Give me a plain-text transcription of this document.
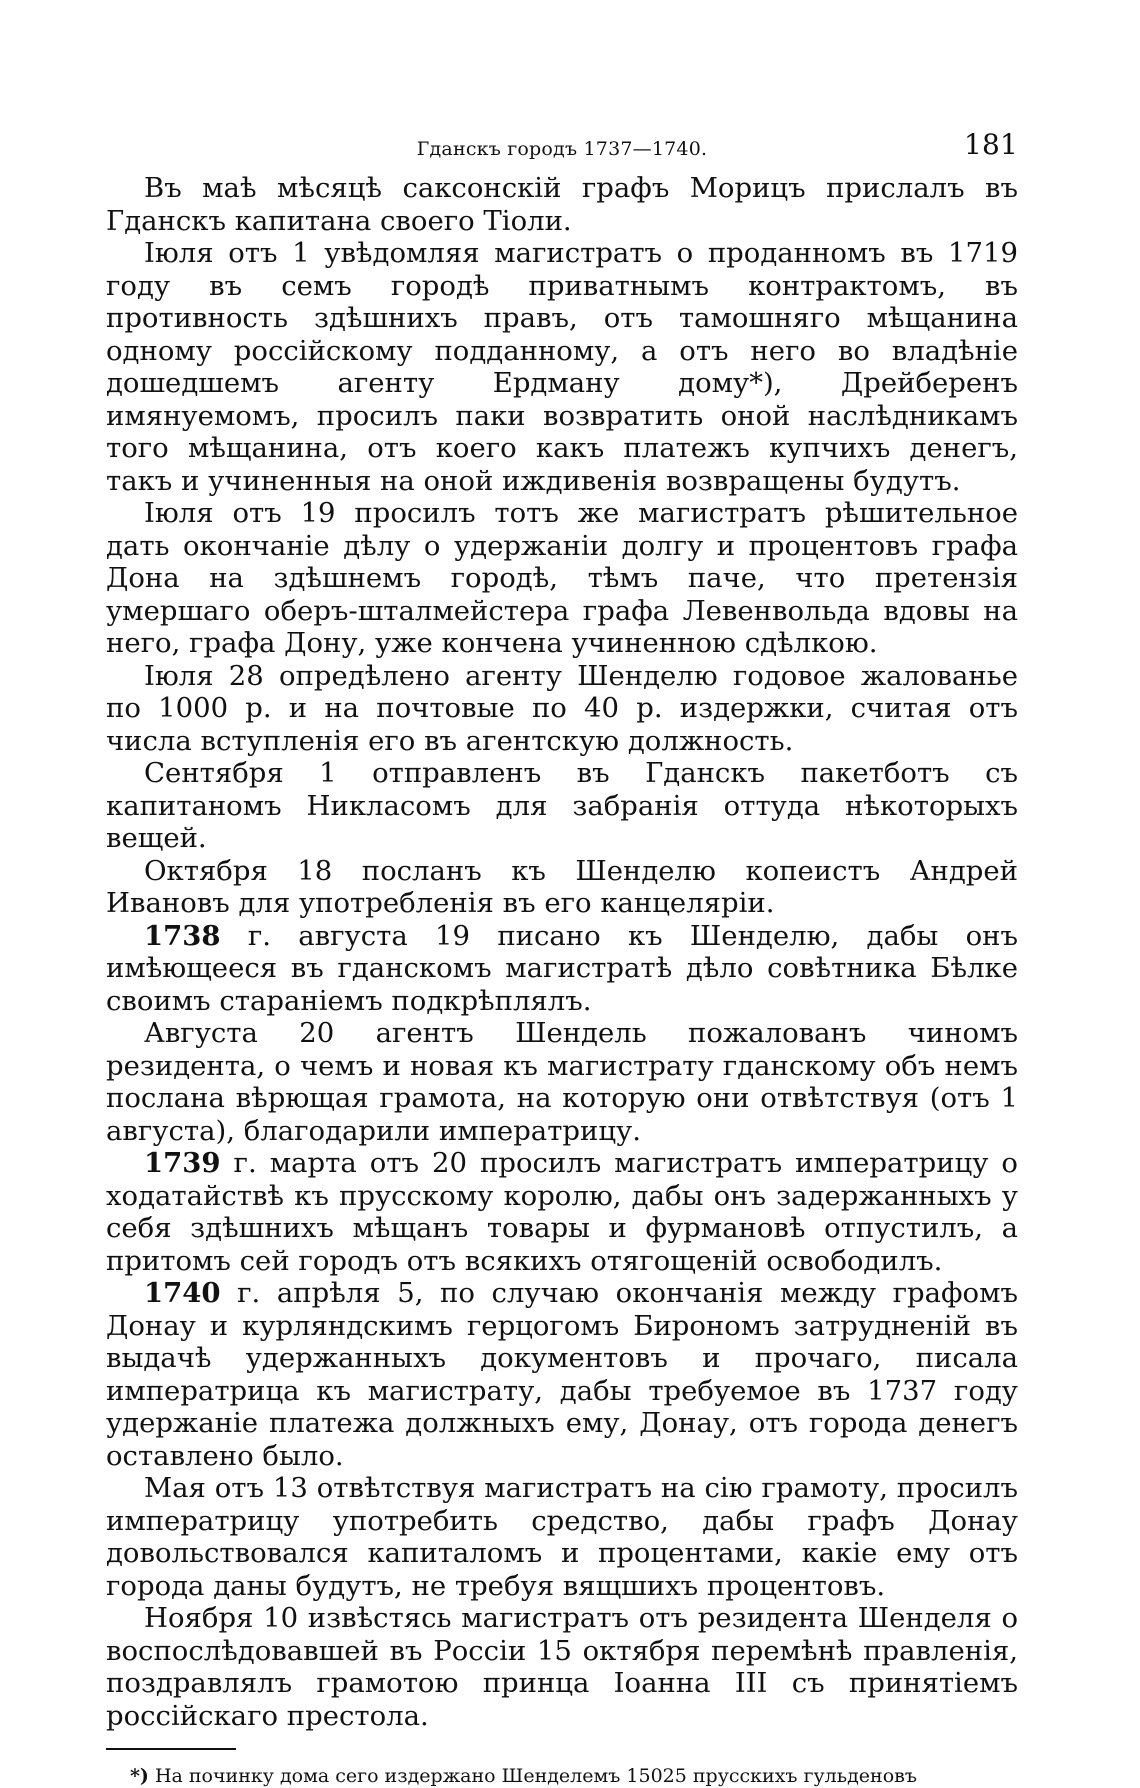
Гданскъ городъ 1737—1740.	181

Въ маѣ мѣсяцѣ саксонскій графъ Морицъ прислалъ въ Гданскъ капитана своего Тіоли.

Іюля отъ 1 увѣдомляя магистратъ о проданномъ въ 1719 году въ семъ городѣ приватнымъ контрактомъ, въ противность здѣшнихъ правъ, отъ тамошняго мѣщанина одному россійскому подданному, а отъ него во владѣніе дошедшемъ агенту Ердману дому*), Дрейберенъ имянуемомъ, просилъ паки возвратить оной наслѣдникамъ того мѣщанина, отъ коего какъ платежъ купчихъ денегъ, такъ и учиненныя на оной иждивенія возвращены будутъ.

Іюля отъ 19 просилъ тотъ же магистратъ рѣшительное дать окончаніе дѣлу о удержаніи долгу и процентовъ графа Дона на здѣшнемъ городѣ, тѣмъ паче, что претензія умершаго оберъ-шталмейстера графа Левенвольда вдовы на него, графа Дону, уже кончена учиненною сдѣлкою.

Іюля 28 опредѣлено агенту Шенделю годовое жалованье по 1000 р. и на почтовые по 40 р. издержки, считая отъ числа вступленія его въ агентскую должность.

Сентября 1 отправленъ въ Гданскъ пакетботъ съ капитаномъ Никласомъ для забранія оттуда нѣкоторыхъ вещей.

Октября 18 посланъ къ Шенделю копеистъ Андрей Ивановъ для употребленія въ его канцеляріи.

1738 г. августа 19 писано къ Шенделю, дабы онъ имѣющееся въ гданскомъ магистратѣ дѣло совѣтника Бѣлке своимъ стараніемъ подкрѣплялъ.

Августа 20 агентъ Шендель пожалованъ чиномъ резидента, о чемъ и новая къ магистрату гданскому объ немъ послана вѣрющая грамота, на которую они отвѣтствуя (отъ 1 августа), благодарили императрицу.

1739 г. марта отъ 20 просилъ магистратъ императрицу о ходатайствѣ къ прусскому королю, дабы онъ задержанныхъ у себя здѣшнихъ мѣщанъ товары и фурмановѣ отпустилъ, а притомъ сей городъ отъ всякихъ отягощеній освободилъ.

1740 г. апрѣля 5, по случаю окончанія между графомъ Донау и курляндскимъ герцогомъ Бирономъ затрудненій въ выдачѣ удержанныхъ документовъ и прочаго, писала императрица къ магистрату, дабы требуемое въ 1737 году удержаніе платежа должныхъ ему, Донау, отъ города денегъ оставлено было.

Мая отъ 13 отвѣтствуя магистратъ на сію грамоту, просилъ императрицу употребить средство, дабы графъ Донау довольствовался капиталомъ и процентами, какіе ему отъ города даны будутъ, не требуя вящшихъ процентовъ.

Ноября 10 извѣстясь магистратъ отъ резидента Шенделя о воспослѣдовавшей въ Россіи 15 октября перемѣнѣ правленія, поздравлялъ грамотою принца Іоанна III съ принятіемъ россійскаго престола.

*) На починку дома сего издержано Шенделемъ 15025 прусскихъ гульденовъ
